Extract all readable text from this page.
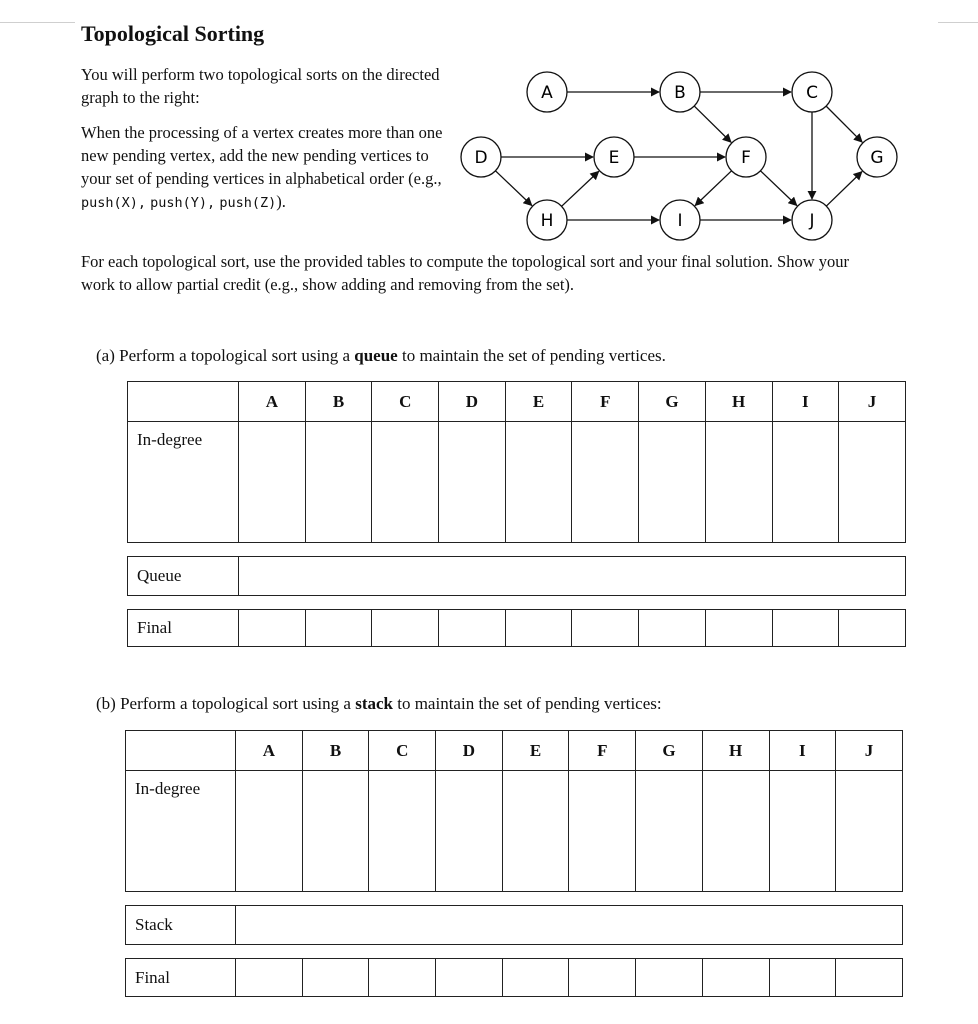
Topological Sorting

You will perform two topological sorts on the directed graph to the right:

When the processing of a vertex creates more than one new pending vertex, add the new pending vertices to your set of pending vertices in alphabetical order (e.g., push(X), push(Y), push(Z)).

For each topological sort, use the provided tables to compute the topological sort and your final solution. Show your work to allow partial credit (e.g., show adding and removing from the set).

A	B	C
D	E	F	G
H	I	J

(a) Perform a topological sort using a queue to maintain the set of pending vertices.

	A	B	C	D	E	F	G	H	I	J
In-degree										
Queue	
Final										

(b) Perform a topological sort using a stack to maintain the set of pending vertices:

	A	B	C	D	E	F	G	H	I	J
In-degree										
Stack	
Final										
